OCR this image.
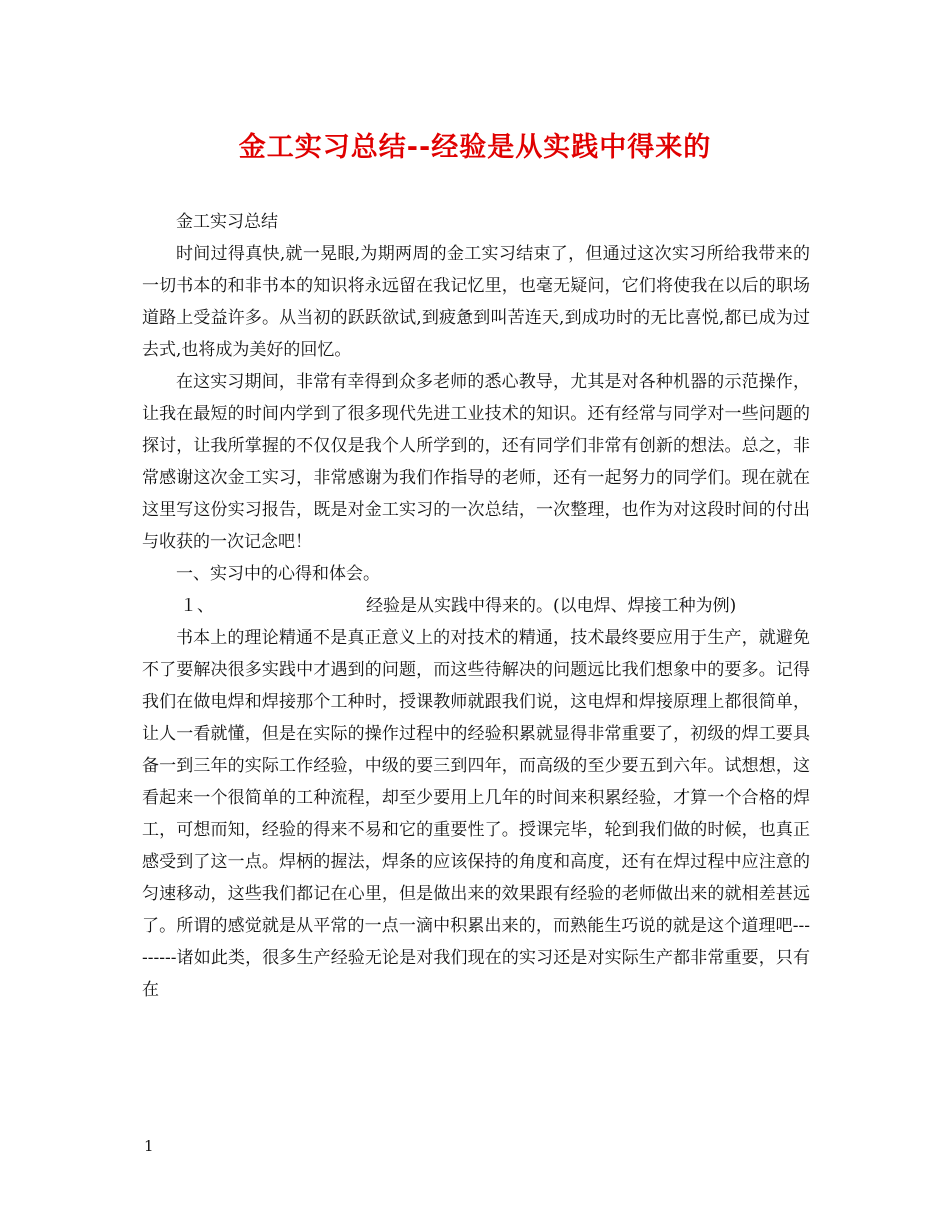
金工实习总结--经验是从实践中得来的

金工实习总结

时间过得真快,就一晃眼,为期两周的金工实习结束了，但通过这次实习所给我带来的一切书本的和非书本的知识将永远留在我记忆里，也毫无疑问，它们将使我在以后的职场道路上受益许多。从当初的跃跃欲试,到疲惫到叫苦连天,到成功时的无比喜悦,都已成为过去式,也将成为美好的回忆。

在这实习期间，非常有幸得到众多老师的悉心教导，尤其是对各种机器的示范操作，让我在最短的时间内学到了很多现代先进工业技术的知识。还有经常与同学对一些问题的探讨，让我所掌握的不仅仅是我个人所学到的，还有同学们非常有创新的想法。总之，非常感谢这次金工实习，非常感谢为我们作指导的老师，还有一起努力的同学们。现在就在这里写这份实习报告，既是对金工实习的一次总结，一次整理，也作为对这段时间的付出与收获的一次记念吧！

一、实习中的心得和体会。

１、	经验是从实践中得来的。(以电焊、焊接工种为例)

书本上的理论精通不是真正意义上的对技术的精通，技术最终要应用于生产，就避免不了要解决很多实践中才遇到的问题，而这些待解决的问题远比我们想象中的要多。记得我们在做电焊和焊接那个工种时，授课教师就跟我们说，这电焊和焊接原理上都很简单，让人一看就懂，但是在实际的操作过程中的经验积累就显得非常重要了，初级的焊工要具备一到三年的实际工作经验，中级的要三到四年，而高级的至少要五到六年。试想想，这看起来一个很简单的工种流程，却至少要用上几年的时间来积累经验，才算一个合格的焊工，可想而知，经验的得来不易和它的重要性了。授课完毕，轮到我们做的时候，也真正感受到了这一点。焊柄的握法，焊条的应该保持的角度和高度，还有在焊过程中应注意的匀速移动，这些我们都记在心里，但是做出来的效果跟有经验的老师做出来的就相差甚远了。所谓的感觉就是从平常的一点一滴中积累出来的，而熟能生巧说的就是这个道理吧---------诸如此类，很多生产经验无论是对我们现在的实习还是对实际生产都非常重要，只有在

1
